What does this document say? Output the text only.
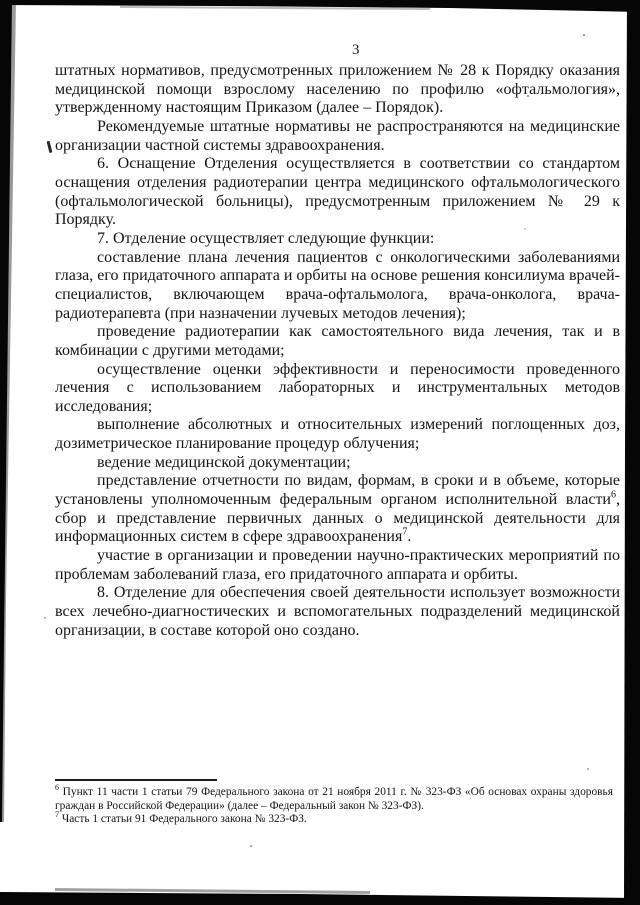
3

штатных нормативов, предусмотренных приложением № 28 к Порядку оказания медицинской помощи взрослому населению по профилю «офтальмология», утвержденному настоящим Приказом (далее – Порядок).

Рекомендуемые штатные нормативы не распространяются на медицинские организации частной системы здравоохранения.

6. Оснащение Отделения осуществляется в соответствии со стандартом оснащения отделения радиотерапии центра медицинского офтальмологического (офтальмологической больницы), предусмотренным приложением № 29 к Порядку.

7. Отделение осуществляет следующие функции:

составление плана лечения пациентов с онкологическими заболеваниями глаза, его придаточного аппарата и орбиты на основе решения консилиума врачей-специалистов, включающем врача-офтальмолога, врача-онколога, врача-радиотерапевта (при назначении лучевых методов лечения);

проведение радиотерапии как самостоятельного вида лечения, так и в комбинации с другими методами;

осуществление оценки эффективности и переносимости проведенного лечения с использованием лабораторных и инструментальных методов исследования;

выполнение абсолютных и относительных измерений поглощенных доз, дозиметрическое планирование процедур облучения;

ведение медицинской документации;

представление отчетности по видам, формам, в сроки и в объеме, которые установлены уполномоченным федеральным органом исполнительной власти$^6$, сбор и представление первичных данных о медицинской деятельности для информационных систем в сфере здравоохранения$^7$.

участие в организации и проведении научно-практических мероприятий по проблемам заболеваний глаза, его придаточного аппарата и орбиты.

8. Отделение для обеспечения своей деятельности использует возможности всех лечебно-диагностических и вспомогательных подразделений медицинской организации, в составе которой оно создано.

$^6$ Пункт 11 части 1 статьи 79 Федерального закона от 21 ноября 2011 г. № 323-ФЗ «Об основах охраны здоровья граждан в Российской Федерации» (далее – Федеральный закон № 323-ФЗ).

$^7$ Часть 1 статьи 91 Федерального закона № 323-ФЗ.
